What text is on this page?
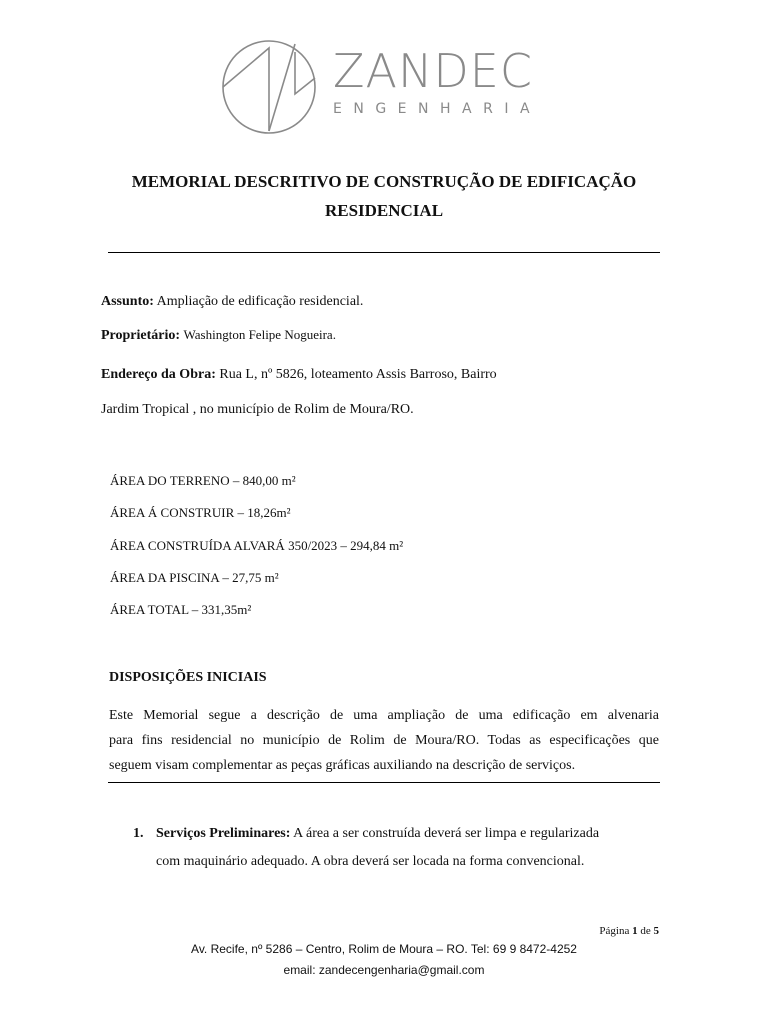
ZANDEC
ENGENHARIA
MEMORIAL DESCRITIVO DE CONSTRUÇÃO DE EDIFICAÇÃO
RESIDENCIAL
Assunto: Ampliação de edificação residencial.
Proprietário: Washington Felipe Nogueira.
Endereço da Obra: Rua L, nº 5826, loteamento Assis Barroso, Bairro
Jardim Tropical , no município de Rolim de Moura/RO.
ÁREA DO TERRENO – 840,00 m²
ÁREA Á CONSTRUIR – 18,26m²
ÁREA CONSTRUÍDA ALVARÁ 350/2023 – 294,84 m²
ÁREA DA PISCINA – 27,75 m²
ÁREA TOTAL – 331,35m²
DISPOSIÇÕES INICIAIS
Este Memorial segue a descrição de uma ampliação de uma edificação em alvenaria
para fins residencial no município de Rolim de Moura/RO. Todas as especificações que
seguem visam complementar as peças gráficas auxiliando na descrição de serviços.
1. Serviços Preliminares: A área a ser construída deverá ser limpa e regularizada
com maquinário adequado. A obra deverá ser locada na forma convencional.
Página 1 de 5
Av. Recife, nº 5286 – Centro, Rolim de Moura – RO. Tel: 69 9 8472-4252
email: zandecengenharia@gmail.com
